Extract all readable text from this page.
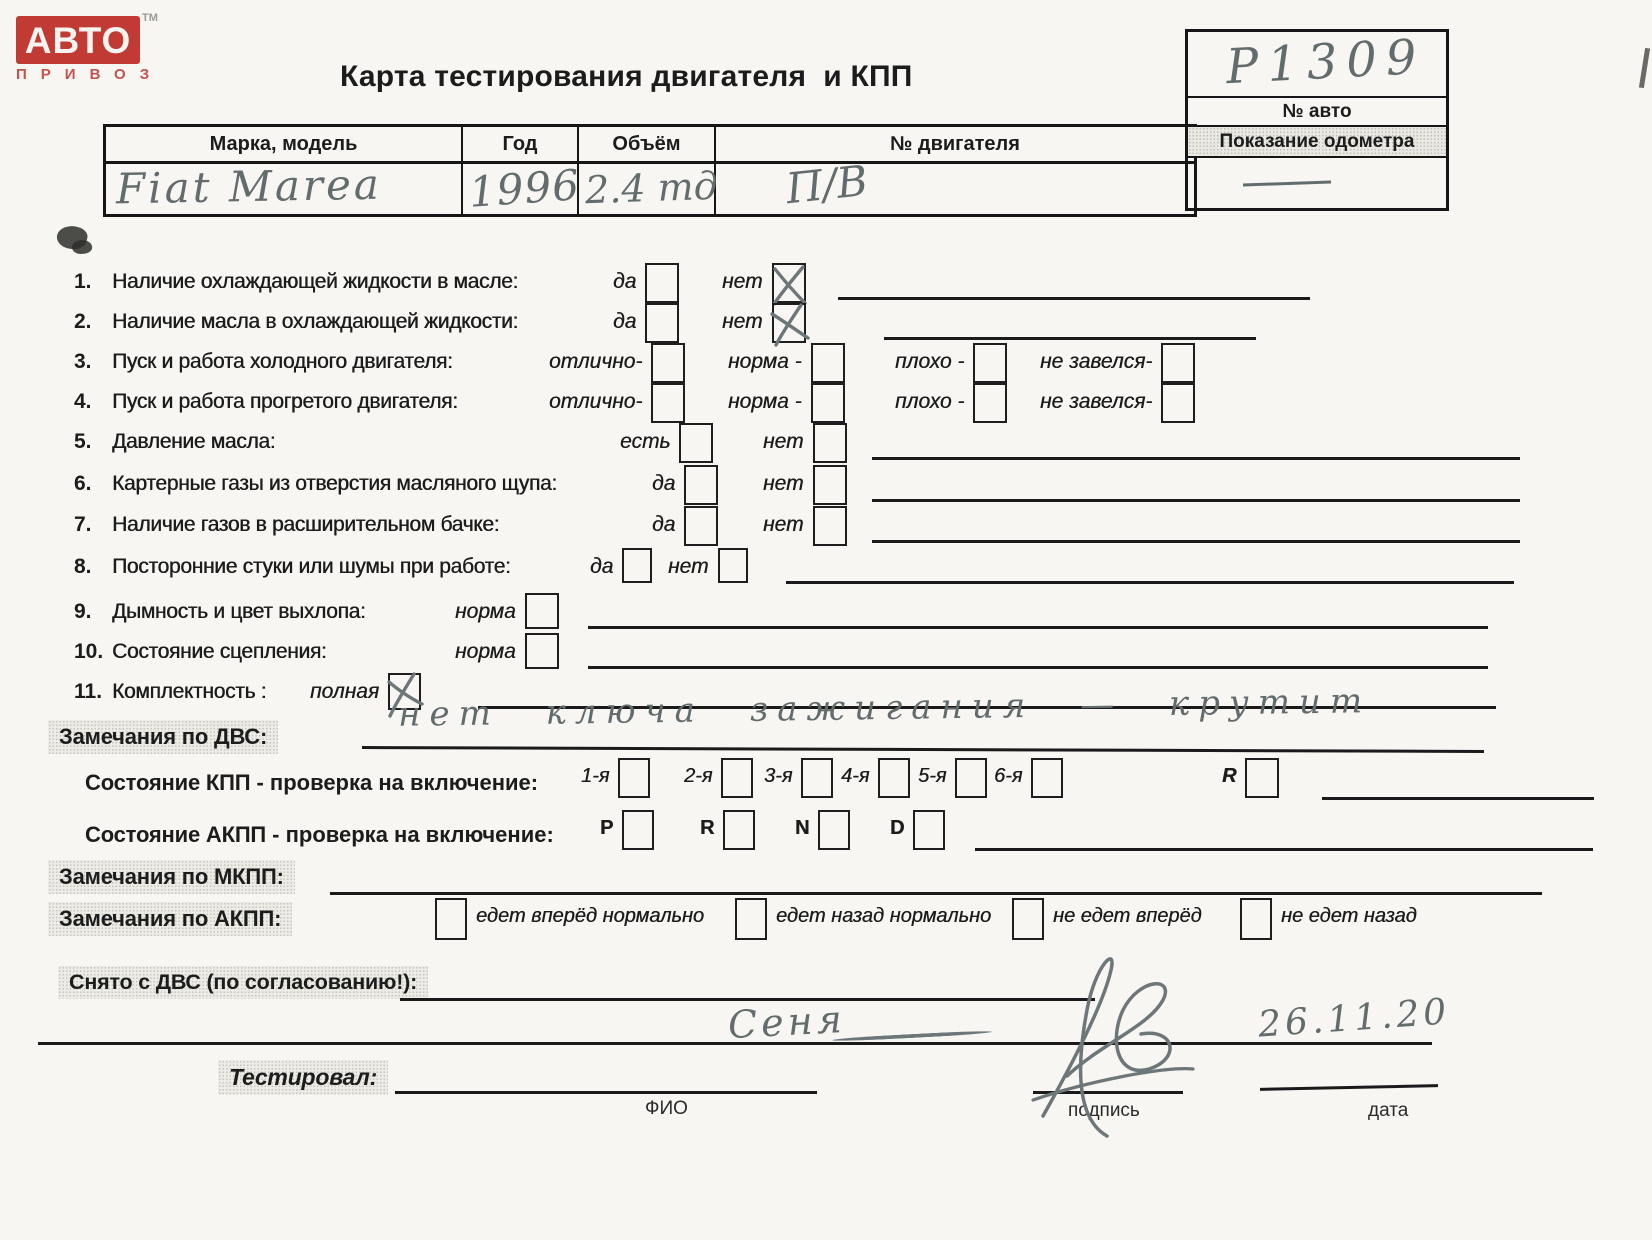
АВТО
ПРИВОЗ
ТМ
Карта тестирования двигателя  и КПП
Марка, модель	Год	Объём	№ двигателя
Fiat Marea 1996 2.4 тд П/В
Р1309
№ авто
Показание одометра
1. Наличие охлаждающей жидкости в масле:	да	нет
2. Наличие масла в охлаждающей жидкости:	да	нет
3. Пуск и работа холодного двигателя:	отлично-	норма -	плохо -	не завелся-
4. Пуск и работа прогретого двигателя:	отлично-	норма -	плохо -	не завелся-
5. Давление масла:	есть	нет
6. Картерные газы из отверстия масляного щупа:	да	нет
7. Наличие газов в расширительном бачке:	да	нет
8. Посторонние стуки или шумы при работе:	да	нет
9. Дымность и цвет выхлопа:	норма
10. Состояние сцепления:	норма
11. Комплектность : полная
Замечания по ДВС:
нет ключа зажигания — крутит
Состояние КПП - проверка на включение: 1-я	2-я	3-я 4-я 5-я 6-я	R
Состояние АКПП - проверка на включение: P	R	N	D
Замечания по МКПП:
Замечания по АКПП:	едет вперёд нормально	едет назад нормально	не едет вперёд	не едет назад
Снято с ДВС (по согласованию!):
Тестировал:
ФИО	подпись	дата
Сеня	26.11.20
